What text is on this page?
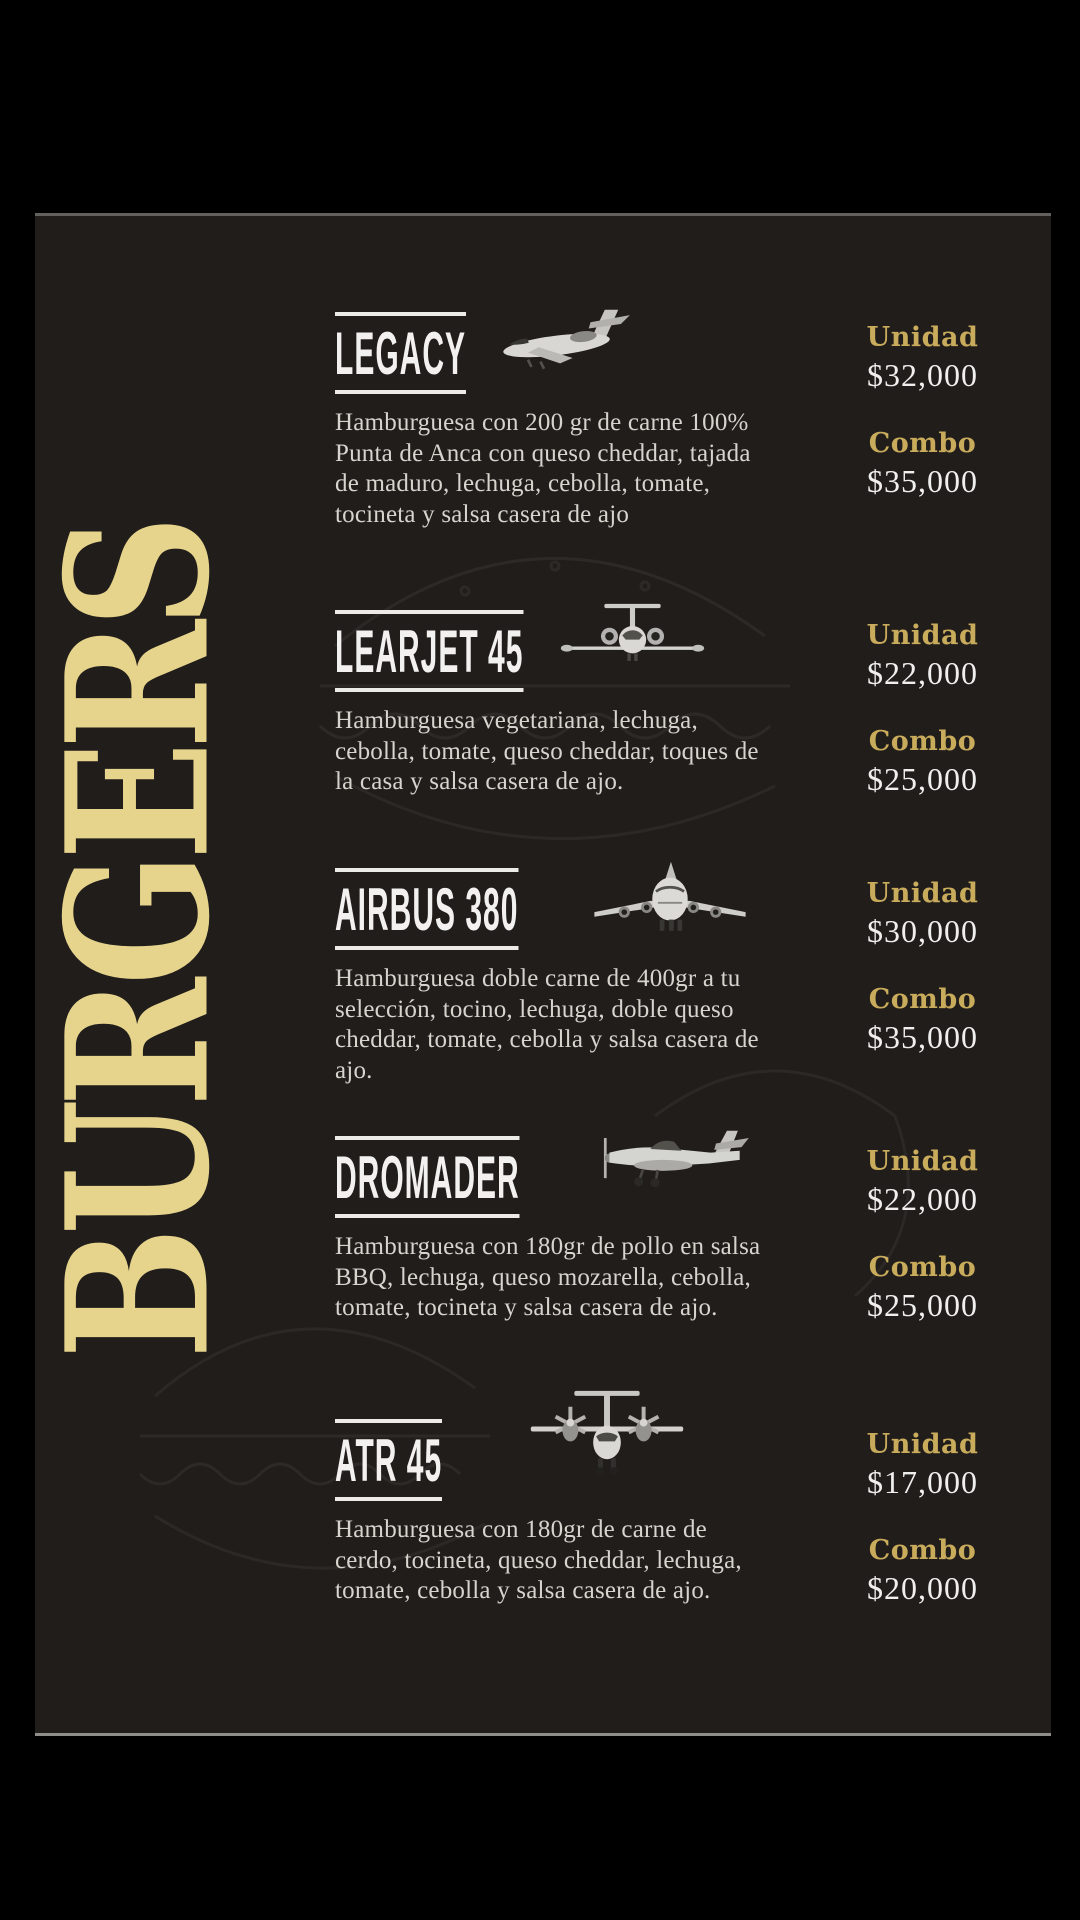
BURGERS
LEGACY

Hamburguesa con 200 gr de carne 100% Punta de Anca con queso cheddar, tajada de maduro, lechuga, cebolla, tomate, tocineta y salsa casera de ajo

Unidad
$32,000
Combo
$35,000
LEARJET 45

Hamburguesa vegetariana, lechuga, cebolla, tomate, queso cheddar, toques de la casa y salsa casera de ajo.

Unidad
$22,000
Combo
$25,000
AIRBUS 380

Hamburguesa doble carne de 400gr a tu selección, tocino, lechuga, doble queso cheddar, tomate, cebolla y salsa casera de ajo.

Unidad
$30,000
Combo
$35,000
DROMADER

Hamburguesa con 180gr de pollo en salsa BBQ, lechuga, queso mozarella, cebolla, tomate, tocineta y salsa casera de ajo.

Unidad
$22,000
Combo
$25,000
ATR 45

Hamburguesa con 180gr de carne de cerdo, tocineta, queso cheddar, lechuga, tomate, cebolla y salsa casera de ajo.

Unidad
$17,000
Combo
$20,000
